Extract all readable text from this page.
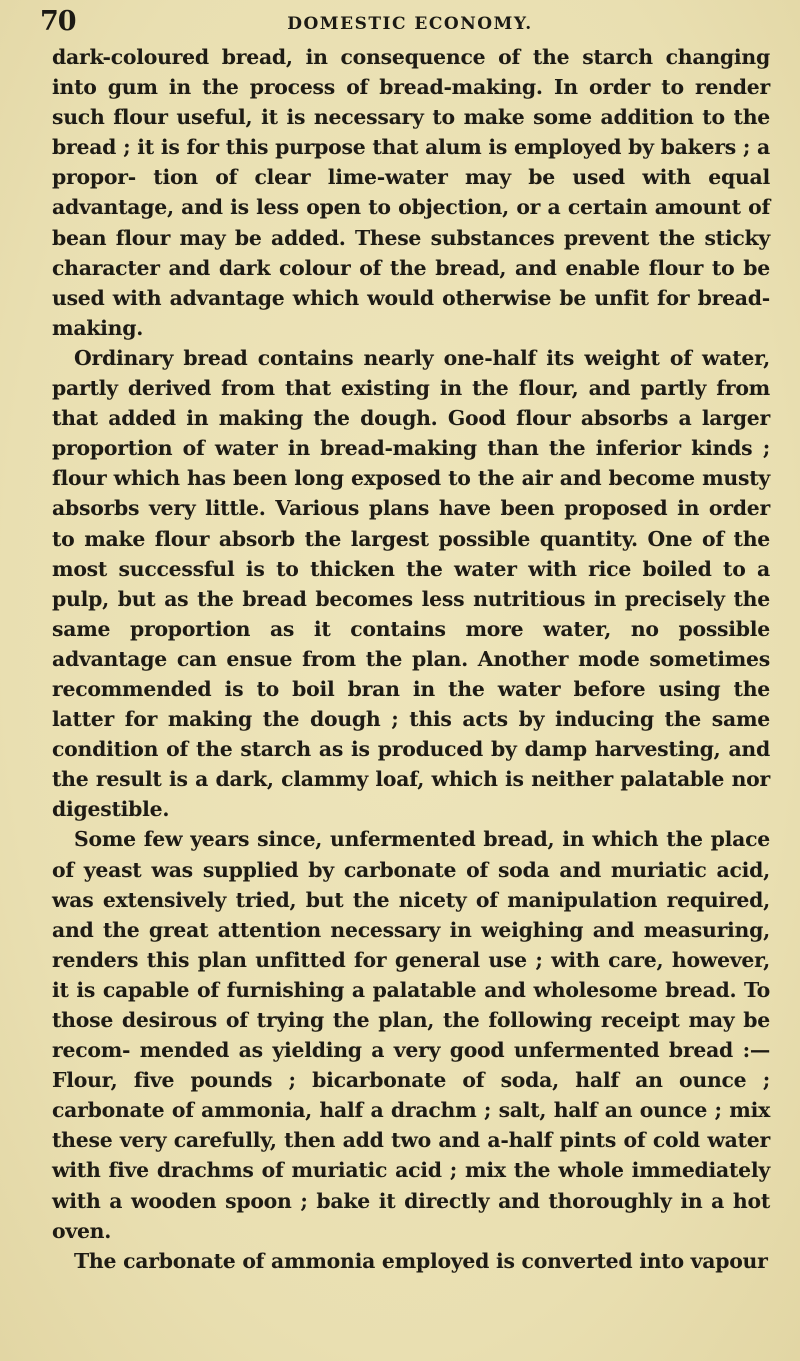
70	DOMESTIC ECONOMY.

dark-coloured bread, in consequence of the starch changing into gum in the process of bread-making. In order to render such flour useful, it is necessary to make some addition to the bread ; it is for this purpose that alum is employed by bakers ; a propor- tion of clear lime-water may be used with equal advantage, and is less open to objection, or a certain amount of bean flour may be added. These substances prevent the sticky character and dark colour of the bread, and enable flour to be used with advantage which would otherwise be unfit for bread-making.

Ordinary bread contains nearly one-half its weight of water, partly derived from that existing in the flour, and partly from that added in making the dough. Good flour absorbs a larger proportion of water in bread-making than the inferior kinds ; flour which has been long exposed to the air and become musty absorbs very little. Various plans have been proposed in order to make flour absorb the largest possible quantity. One of the most successful is to thicken the water with rice boiled to a pulp, but as the bread becomes less nutritious in precisely the same proportion as it contains more water, no possible advantage can ensue from the plan. Another mode sometimes recommended is to boil bran in the water before using the latter for making the dough ; this acts by inducing the same condition of the starch as is produced by damp harvesting, and the result is a dark, clammy loaf, which is neither palatable nor digestible.

Some few years since, unfermented bread, in which the place of yeast was supplied by carbonate of soda and muriatic acid, was extensively tried, but the nicety of manipulation required, and the great attention necessary in weighing and measuring, renders this plan unfitted for general use ; with care, however, it is capable of furnishing a palatable and wholesome bread. To those desirous of trying the plan, the following receipt may be recom- mended as yielding a very good unfermented bread :—Flour, five pounds ; bicarbonate of soda, half an ounce ; carbonate of ammonia, half a drachm ; salt, half an ounce ; mix these very carefully, then add two and a-half pints of cold water with five drachms of muriatic acid ; mix the whole immediately with a wooden spoon ; bake it directly and thoroughly in a hot oven.

The carbonate of ammonia employed is converted into vapour
